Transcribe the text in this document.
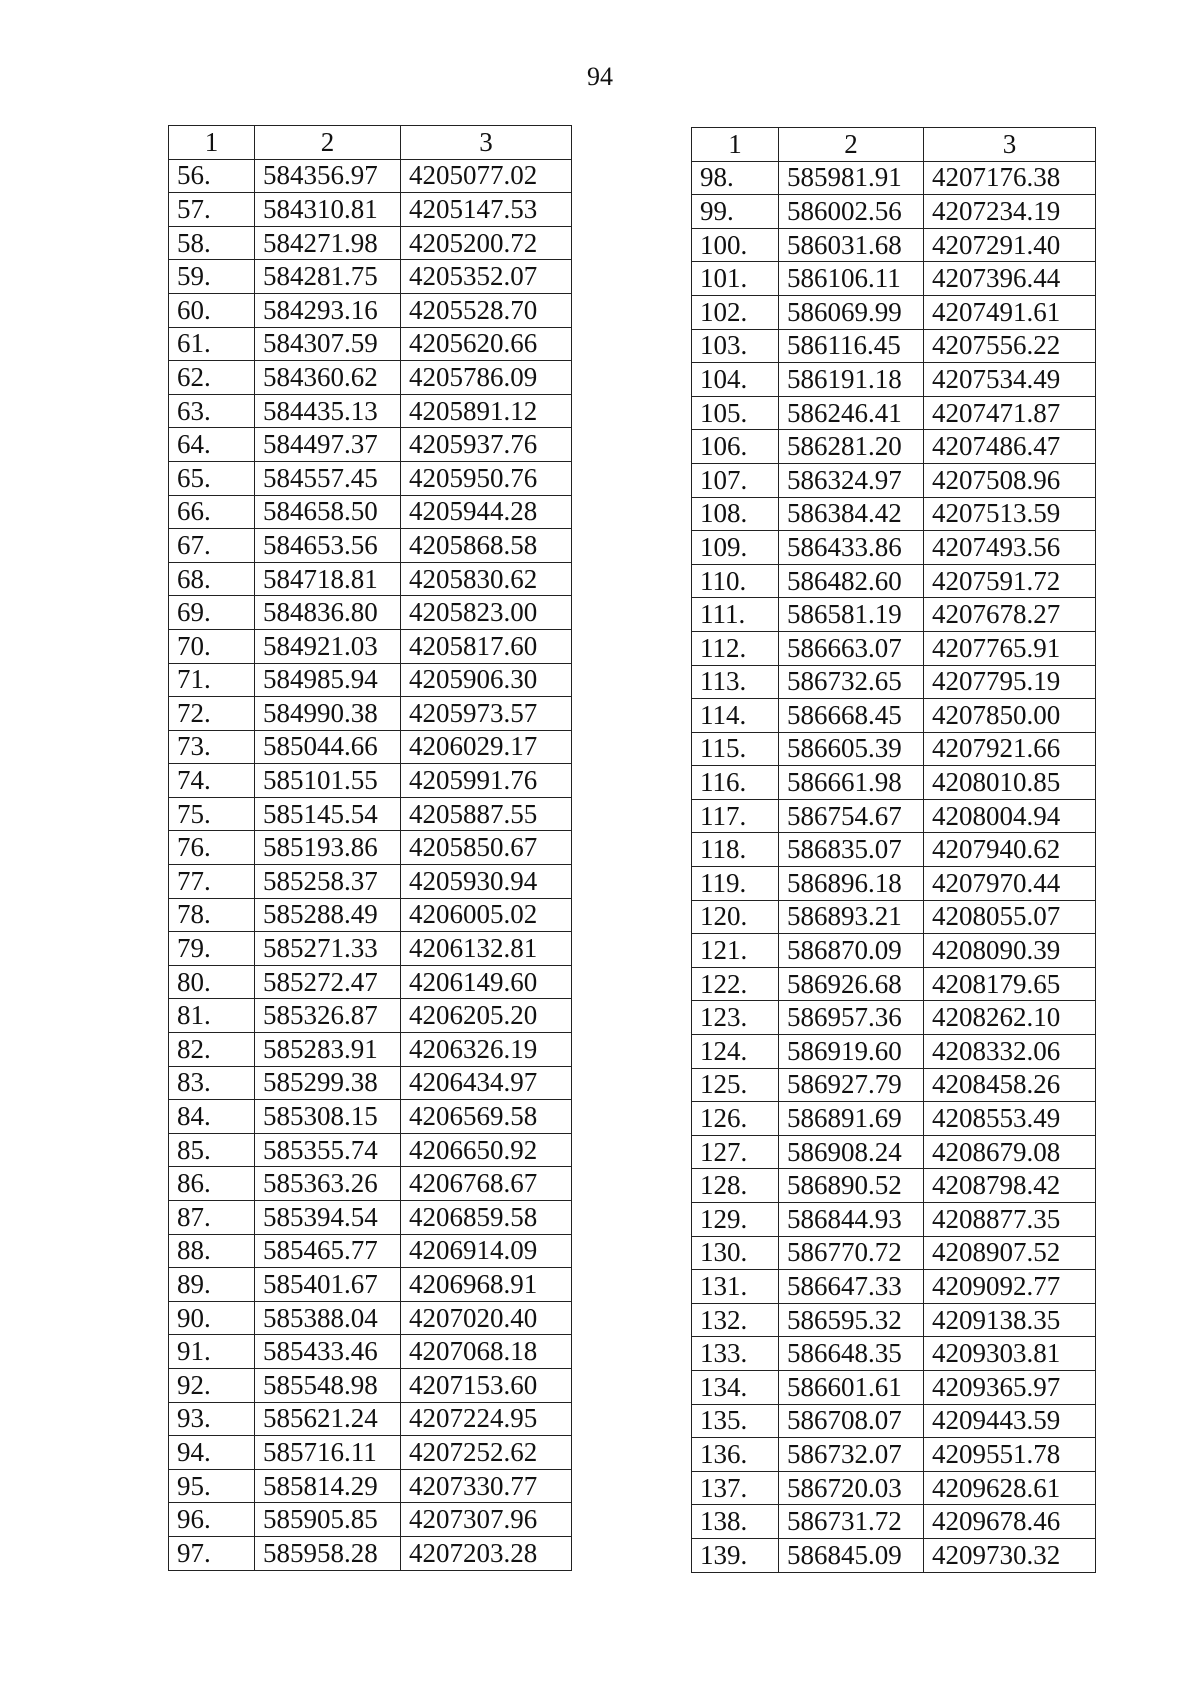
94
1	2	3
56.	584356.97	4205077.02
57.	584310.81	4205147.53
58.	584271.98	4205200.72
59.	584281.75	4205352.07
60.	584293.16	4205528.70
61.	584307.59	4205620.66
62.	584360.62	4205786.09
63.	584435.13	4205891.12
64.	584497.37	4205937.76
65.	584557.45	4205950.76
66.	584658.50	4205944.28
67.	584653.56	4205868.58
68.	584718.81	4205830.62
69.	584836.80	4205823.00
70.	584921.03	4205817.60
71.	584985.94	4205906.30
72.	584990.38	4205973.57
73.	585044.66	4206029.17
74.	585101.55	4205991.76
75.	585145.54	4205887.55
76.	585193.86	4205850.67
77.	585258.37	4205930.94
78.	585288.49	4206005.02
79.	585271.33	4206132.81
80.	585272.47	4206149.60
81.	585326.87	4206205.20
82.	585283.91	4206326.19
83.	585299.38	4206434.97
84.	585308.15	4206569.58
85.	585355.74	4206650.92
86.	585363.26	4206768.67
87.	585394.54	4206859.58
88.	585465.77	4206914.09
89.	585401.67	4206968.91
90.	585388.04	4207020.40
91.	585433.46	4207068.18
92.	585548.98	4207153.60
93.	585621.24	4207224.95
94.	585716.11	4207252.62
95.	585814.29	4207330.77
96.	585905.85	4207307.96
97.	585958.28	4207203.28
1	2	3
98.	585981.91	4207176.38
99.	586002.56	4207234.19
100.	586031.68	4207291.40
101.	586106.11	4207396.44
102.	586069.99	4207491.61
103.	586116.45	4207556.22
104.	586191.18	4207534.49
105.	586246.41	4207471.87
106.	586281.20	4207486.47
107.	586324.97	4207508.96
108.	586384.42	4207513.59
109.	586433.86	4207493.56
110.	586482.60	4207591.72
111.	586581.19	4207678.27
112.	586663.07	4207765.91
113.	586732.65	4207795.19
114.	586668.45	4207850.00
115.	586605.39	4207921.66
116.	586661.98	4208010.85
117.	586754.67	4208004.94
118.	586835.07	4207940.62
119.	586896.18	4207970.44
120.	586893.21	4208055.07
121.	586870.09	4208090.39
122.	586926.68	4208179.65
123.	586957.36	4208262.10
124.	586919.60	4208332.06
125.	586927.79	4208458.26
126.	586891.69	4208553.49
127.	586908.24	4208679.08
128.	586890.52	4208798.42
129.	586844.93	4208877.35
130.	586770.72	4208907.52
131.	586647.33	4209092.77
132.	586595.32	4209138.35
133.	586648.35	4209303.81
134.	586601.61	4209365.97
135.	586708.07	4209443.59
136.	586732.07	4209551.78
137.	586720.03	4209628.61
138.	586731.72	4209678.46
139.	586845.09	4209730.32
